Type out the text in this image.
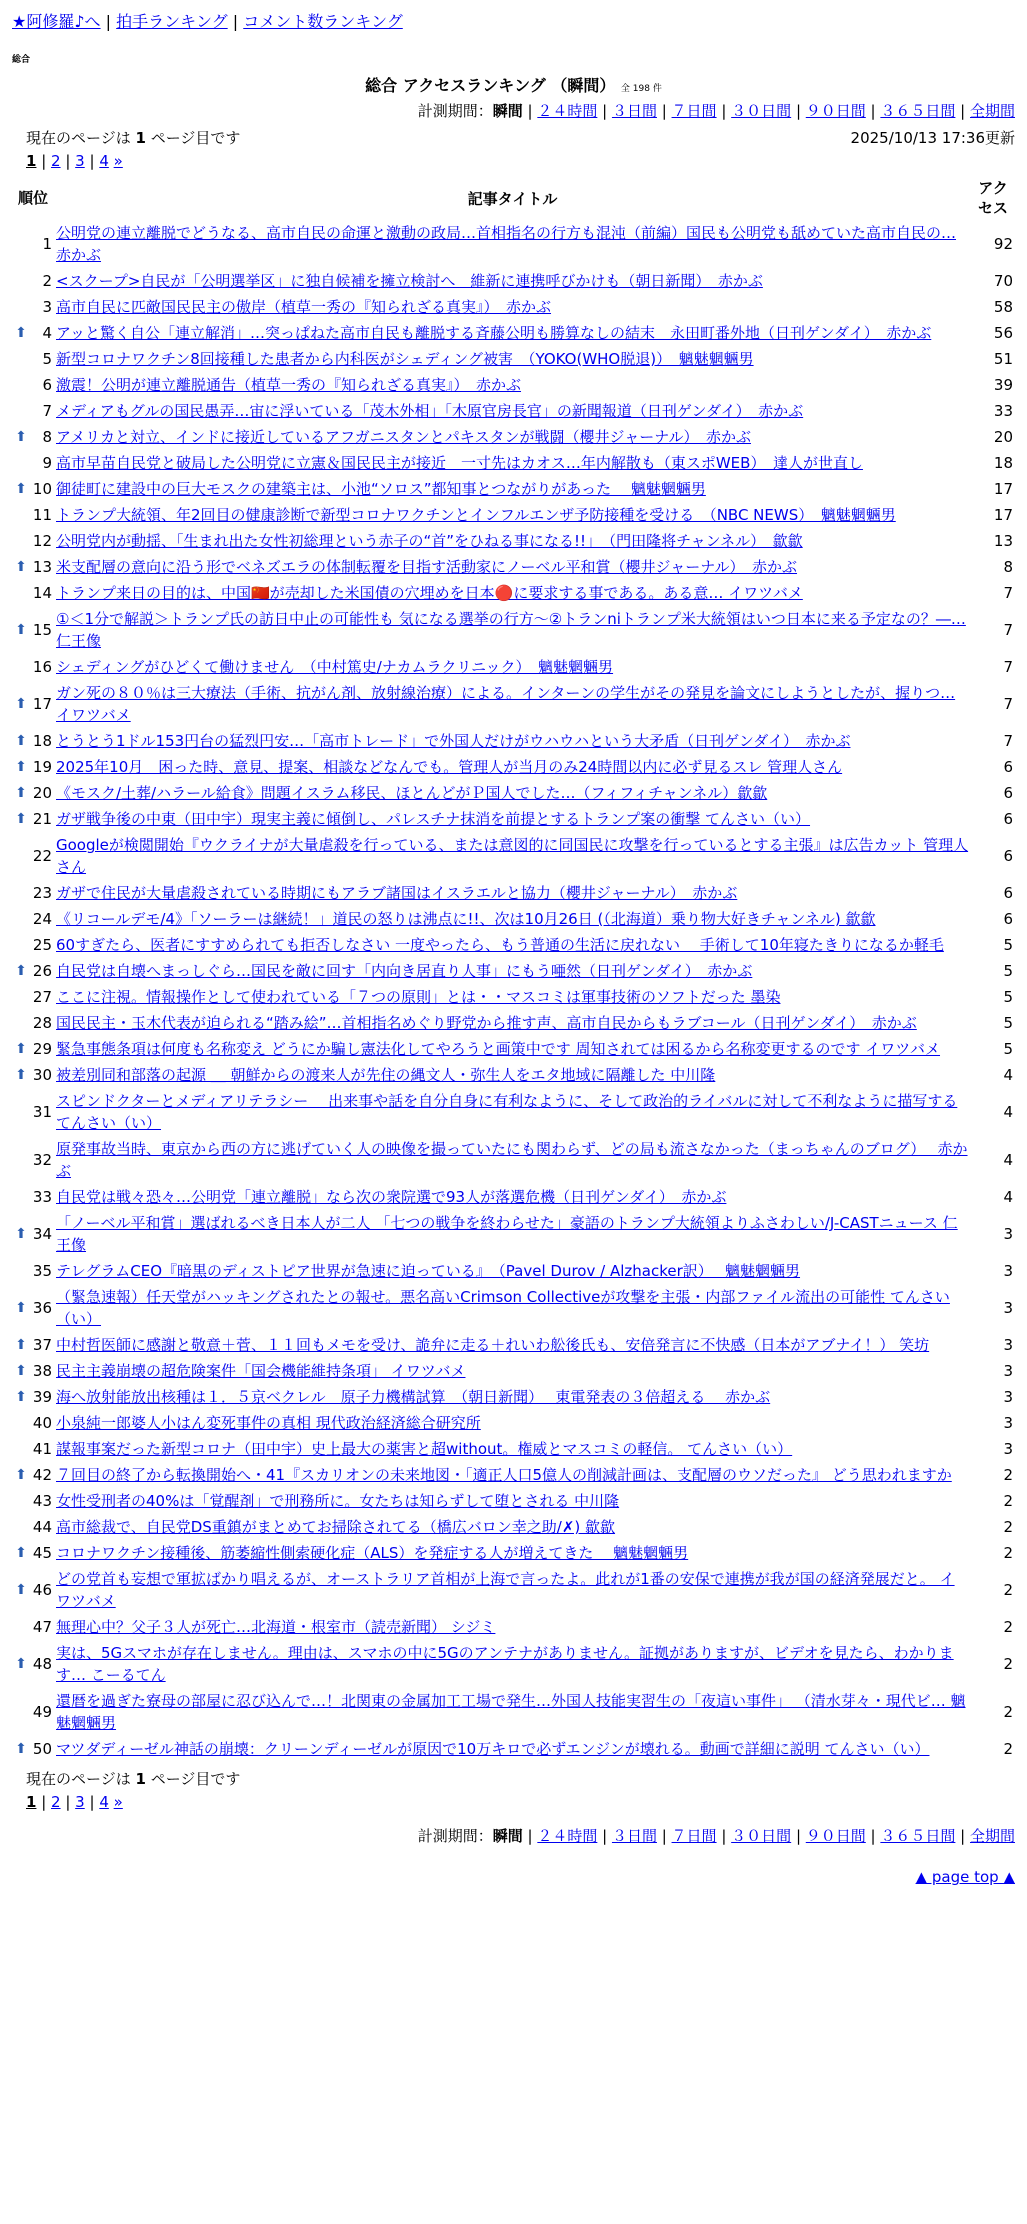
★阿修羅♪へ | 拍手ランキング | コメント数ランキング
総合
総合 アクセスランキング （瞬間） 全 198 件
計測期間：瞬間 | ２４時間 | ３日間 | ７日間 | ３０日間 | ９０日間 | ３６５日間 | 全期間
現在のページは 1 ページ目です	2025/10/13 17:36更新
1 | 2 | 3 | 4 »
順位		記事タイトル	アクセス
	1	公明党の連立離脱でどうなる、高市自民の命運と激動の政局…首相指名の行方も混沌（前編）国民も公明党も舐めていた高市自民の… 赤かぶ	92
	2	<スクープ>自民が「公明選挙区」に独自候補を擁立検討へ　維新に連携呼びかけも（朝日新聞）　赤かぶ	70
	3	高市自民に匹敵国民民主の傲岸（植草一秀の『知られざる真実』）　赤かぶ	58
⬆	4	アッと驚く自公「連立解消」…突っぱねた高市自民も離脱する斉藤公明も勝算なしの結末　永田町番外地（日刊ゲンダイ）　赤かぶ	56
	5	新型コロナワクチン8回接種した患者から内科医がシェディング被害　（YOKO(WHO脱退)）　魑魅魍魎男	51
	6	激震！公明が連立離脱通告（植草一秀の『知られざる真実』）　赤かぶ	39
	7	メディアもグルの国民愚弄…宙に浮いている「茂木外相」「木原官房長官」の新聞報道（日刊ゲンダイ）　赤かぶ	33
⬆	8	アメリカと対立、インドに接近しているアフガニスタンとパキスタンが戦闘（櫻井ジャーナル）　赤かぶ	20
	9	高市早苗自民党と破局した公明党に立憲＆国民民主が接近　一寸先はカオス…年内解散も（東スポWEB）　達人が世直し	18
⬆	10	御徒町に建設中の巨大モスクの建築主は、小池“ソロス”都知事とつながりがあった　 魑魅魍魎男	17
	11	トランプ大統領、年2回目の健康診断で新型コロナワクチンとインフルエンザ予防接種を受ける　（NBC NEWS）　魑魅魍魎男	17
	12	公明党内が動揺、「生まれ出た女性初総理という赤子の“首”をひねる事になる!!」　（門田隆将チャンネル）　歙歙	13
⬆	13	米支配層の意向に沿う形でベネズエラの体制転覆を目指す活動家にノーベル平和賞（櫻井ジャーナル）　赤かぶ	8
	14	トランプ来日の目的は、中国🇨🇳が売却した米国債の穴埋めを日本🔴に要求する事である。ある意… イワツバメ	7
⬆	15	①＜1分で解説＞トランプ氏の訪日中止の可能性も 気になる選挙の行方〜②トランniトランプ米大統領はいつ日本に来る予定なの？―… 仁王像	7
	16	シェディングがひどくて働けません　（中村篤史/ナカムラクリニック）　魑魅魍魎男	7
⬆	17	ガン死の８０％は三大療法（手術、抗がん剤、放射線治療）による。インターンの学生がその発見を論文にしようとしたが、握りつ… イワツバメ	7
⬆	18	とうとう1ドル153円台の猛烈円安…「高市トレード」で外国人だけがウハウハという大矛盾（日刊ゲンダイ）　赤かぶ	7
⬆	19	2025年10月　困った時、意見、提案、相談などなんでも。管理人が当月のみ24時間以内に必ず見るスレ 管理人さん	6
⬆	20	《モスク/土葬/ハラール給食》問題イスラム移民、ほとんどがＰ国人でした…（フィフィチャンネル）歙歙	6
⬆	21	ガザ戦争後の中東（田中宇）現実主義に傾倒し、パレスチナ抹消を前提とするトランプ案の衝撃 てんさい（い）	6
	22	Googleが検閲開始『ウクライナが大量虐殺を行っている、または意図的に同国民に攻撃を行っているとする主張』は広告カット 管理人さん	6
	23	ガザで住民が大量虐殺されている時期にもアラブ諸国はイスラエルと協力（櫻井ジャーナル）　赤かぶ	6
	24	《リコールデモ/4》「ソーラーは継続！」道民の怒りは沸点に!!、次は10月26日 (（北海道）乗り物大好きチャンネル) 歙歙	6
	25	60すぎたら、医者にすすめられても拒否しなさい 一度やったら、もう普通の生活に戻れない　 手術して10年寝たきりになるか軽毛	5
⬆	26	自民党は自壊へまっしぐら…国民を敵に回す「内向き居直り人事」にもう唖然（日刊ゲンダイ）　赤かぶ	5
	27	ここに注視。情報操作として使われている「７つの原則」とは・・マスコミは軍事技術のソフトだった 墨染	5
	28	国民民主・玉木代表が迫られる“踏み絵”…首相指名めぐり野党から推す声、高市自民からもラブコール（日刊ゲンダイ）　赤かぶ	5
⬆	29	緊急事態条項は何度も名称変え どうにか騙し憲法化してやろうと画策中です 周知されては困るから名称変更するのです イワツバメ	5
⬆	30	被差別同和部落の起源 ＿ 朝鮮からの渡来人が先住の縄文人・弥生人をエタ地域に隔離した 中川隆	4
	31	スピンドクターとメディアリテラシー　 出来事や話を自分自身に有利なように、そして政治的ライバルに対して不利なように描写する てんさい（い）	4
	32	原発事故当時、東京から西の方に逃げていく人の映像を撮っていたにも関わらず、どの局も流さなかった（まっちゃんのブログ）　 赤かぶ	4
	33	自民党は戦々恐々…公明党「連立離脱」なら次の衆院選で93人が落選危機（日刊ゲンダイ）　赤かぶ	4
⬆	34	「ノーベル平和賞」選ばれるべき日本人が二人 「七つの戦争を終わらせた」豪語のトランプ大統領よりふさわしい/J-CASTニュース 仁王像	3
	35	テレグラムCEO『暗黒のディストピア世界が急速に迫っている』　（Pavel Durov / Alzhacker訳）　 魑魅魍魎男	3
⬆	36	（緊急速報）任天堂がハッキングされたとの報せ。悪名高いCrimson Collectiveが攻撃を主張・内部ファイル流出の可能性 てんさい（い）	3
⬆	37	中村哲医師に感謝と敬意＋菅、１１回もメモを受け、詭弁に走る＋れいわ舩後氏も、安倍発言に不快感（日本がアブナイ！） 笑坊	3
⬆	38	民主主義崩壊の超危険案件「国会機能維持条項」 イワツバメ	3
⬆	39	海へ放射能放出核種は１．５京ベクレル　原子力機構試算　（朝日新聞）　 東電発表の３倍超える　 赤かぶ	3
	40	小泉純一郎婆人小はん変死事件の真相 現代政治経済総合研究所	3
	41	謀報事案だった新型コロナ（田中宇）史上最大の薬害と超without。権威とマスコミの軽信。 てんさい（い）	3
⬆	42	７回目の終了から転換開始へ・41『スカリオンの未来地図・「適正人口5億人の削減計画は、支配層のウソだった』 どう思われますか	2
	43	女性受刑者の40%は「覚醒剤」で刑務所に。女たちは知らずして堕とされる 中川隆	2
	44	高市総裁で、自民党DS重鎮がまとめてお掃除されてる（橋広バロン幸之助/✗) 歙歙	2
⬆	45	コロナワクチン接種後、筋萎縮性側索硬化症（ALS）を発症する人が増えてきた　 魑魅魍魎男	2
⬆	46	どの党首も妄想で軍拡ばかり唱えるが、オーストラリア首相が上海で言ったよ。此れが1番の安保で連携が我が国の経済発展だと。 イワツバメ	2
	47	無理心中？父子３人が死亡…北海道・根室市（読売新聞） シジミ	2
⬆	48	実は、5Gスマホが存在しません。理由は、スマホの中に5Gのアンテナがありません。証拠がありますが、ビデオを見たら、わかります… こーるてん	2
	49	還暦を過ぎた寮母の部屋に忍び込んで…！北関東の金属加工工場で発生…外国人技能実習生の「夜這い事件」 （清水芽々・現代ビ… 魑魅魍魎男	2
⬆	50	マツダディーゼル神話の崩壊：クリーンディーゼルが原因で10万キロで必ずエンジンが壊れる。動画で詳細に説明 てんさい（い）	2
現在のページは 1 ページ目です
1 | 2 | 3 | 4 »
計測期間：瞬間 | ２４時間 | ３日間 | ７日間 | ３０日間 | ９０日間 | ３６５日間 | 全期間
▲ page top ▲
